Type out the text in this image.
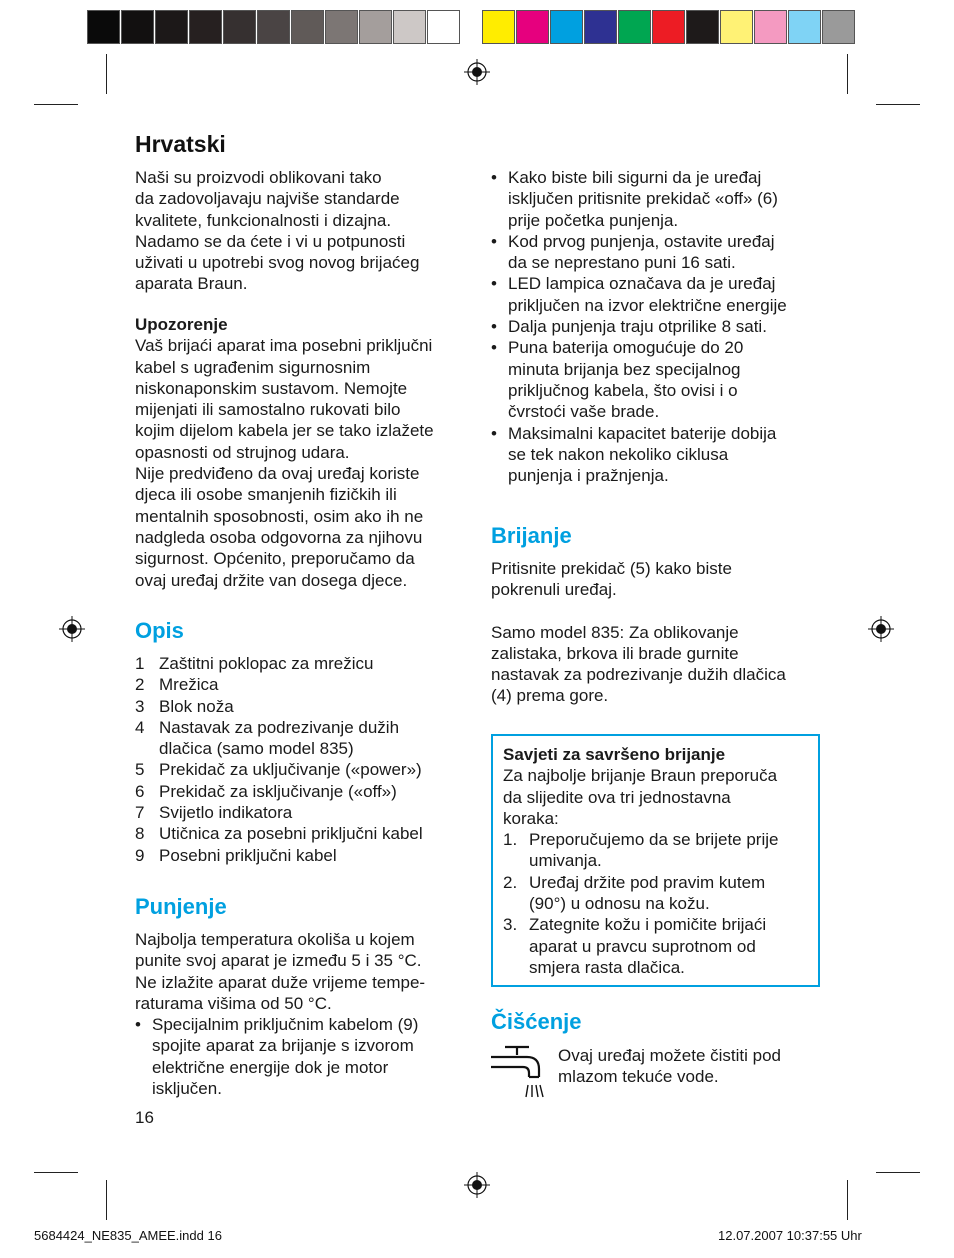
Hrvatski
Naši su proizvodi oblikovani tako
da zadovoljavaju najviše standarde
kvalitete, funkcionalnosti i dizajna.
Nadamo se da ćete i vi u potpunosti
uživati u upotrebi svog novog brijaćeg
aparata Braun.

Upozorenje

Vaš brijaći aparat ima posebni priključni
kabel s ugrađenim sigurnosnim
niskonaponskim sustavom. Nemojte
mijenjati ili samostalno rukovati bilo
kojim dijelom kabela jer se tako izlažete
opasnosti od strujnog udara.
Nije predviđeno da ovaj uređaj koriste
djeca ili osobe smanjenih fizičkih ili
mentalnih sposobnosti, osim ako ih ne
nadgleda osoba odgovorna za njihovu
sigurnost. Općenito, preporučamo da
ovaj uređaj držite van dosega djece.
Opis
1 Zaštitni poklopac za mrežicu
2 Mrežica
3 Blok noža
4 Nastavak za podrezivanje dužih
dlačica (samo model 835)
5 Prekidač za uključivanje («power»)
6 Prekidač za isključivanje («off»)
7 Svijetlo indikatora
8 Utičnica za posebni priključni kabel
9 Posebni priključni kabel
Punjenje
Najbolja temperatura okoliša u kojem
punite svoj aparat je između 5 i 35 °C.
Ne izlažite aparat duže vrijeme tempe-
raturama višima od 50 °C.
• Specijalnim priključnim kabelom (9)
spojite aparat za brijanje s izvorom
električne energije dok je motor
isključen.
16
• Kako biste bili sigurni da je uređaj
isključen pritisnite prekidač «off» (6)
prije početka punjenja.
• Kod prvog punjenja, ostavite uređaj
da se neprestano puni 16 sati.
• LED lampica označava da je uređaj
priključen na izvor električne energije
• Dalja punjenja traju otprilike 8 sati.
• Puna baterija omogućuje do 20
minuta brijanja bez specijalnog
priključnog kabela, što ovisi i o
čvrstoći vaše brade.
• Maksimalni kapacitet baterije dobija
se tek nakon nekoliko ciklusa
punjenja i pražnjenja.
Brijanje
Pritisnite prekidač (5) kako biste
pokrenuli uređaj.
Samo model 835: Za oblikovanje
zalistaka, brkova ili brade gurnite
nastavak za podrezivanje dužih dlačica
(4) prema gore.

Savjeti za savršeno brijanje

Za najbolje brijanje Braun preporuča
da slijedite ova tri jednostavna
koraka:
1. Preporučujemo da se brijete prije
umivanja.
2. Uređaj držite pod pravim kutem
(90°) u odnosu na kožu.
3. Zategnite kožu i pomičite brijaći
aparat u pravcu suprotnom od
smjera rasta dlačica.
Čišćenje
Ovaj uređaj možete čistiti pod
mlazom tekuće vode.
5684424_NE835_AMEE.indd 16	12.07.2007 10:37:55 Uhr
